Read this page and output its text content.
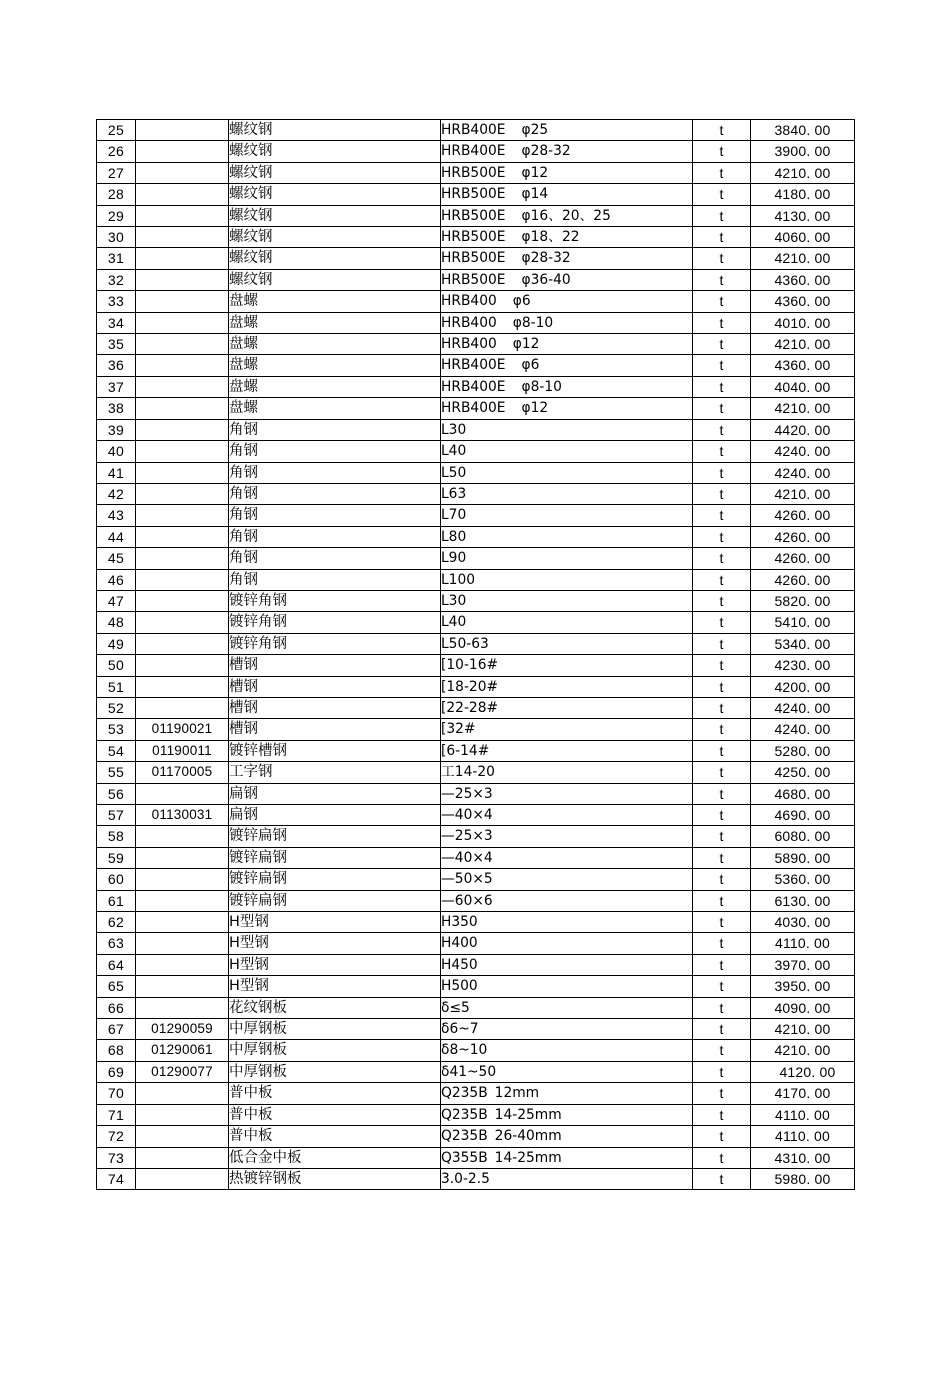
25		螺纹钢	HRB400E φ25	t	3840. 00
26		螺纹钢	HRB400E φ28-32	t	3900. 00
27		螺纹钢	HRB500E φ12	t	4210. 00
28		螺纹钢	HRB500E φ14	t	4180. 00
29		螺纹钢	HRB500E φ16、20、25	t	4130. 00
30		螺纹钢	HRB500E φ18、22	t	4060. 00
31		螺纹钢	HRB500E φ28-32	t	4210. 00
32		螺纹钢	HRB500E φ36-40	t	4360. 00
33		盘螺	HRB400 φ6	t	4360. 00
34		盘螺	HRB400 φ8-10	t	4010. 00
35		盘螺	HRB400 φ12	t	4210. 00
36		盘螺	HRB400E φ6	t	4360. 00
37		盘螺	HRB400E φ8-10	t	4040. 00
38		盘螺	HRB400E φ12	t	4210. 00
39		角钢	L30	t	4420. 00
40		角钢	L40	t	4240. 00
41		角钢	L50	t	4240. 00
42		角钢	L63	t	4210. 00
43		角钢	L70	t	4260. 00
44		角钢	L80	t	4260. 00
45		角钢	L90	t	4260. 00
46		角钢	L100	t	4260. 00
47		镀锌角钢	L30	t	5820. 00
48		镀锌角钢	L40	t	5410. 00
49		镀锌角钢	L50-63	t	5340. 00
50		槽钢	[10-16#	t	4230. 00
51		槽钢	[18-20#	t	4200. 00
52		槽钢	[22-28#	t	4240. 00
53	01190021	槽钢	[32#	t	4240. 00
54	01190011	镀锌槽钢	[6-14#	t	5280. 00
55	01170005	工字钢	工14-20	t	4250. 00
56		扁钢	—25×3	t	4680. 00
57	01130031	扁钢	—40×4	t	4690. 00
58		镀锌扁钢	—25×3	t	6080. 00
59		镀锌扁钢	—40×4	t	5890. 00
60		镀锌扁钢	—50×5	t	5360. 00
61		镀锌扁钢	—60×6	t	6130. 00
62		H型钢	H350	t	4030. 00
63		H型钢	H400	t	4110. 00
64		H型钢	H450	t	3970. 00
65		H型钢	H500	t	3950. 00
66		花纹钢板	δ≤5	t	4090. 00
67	01290059	中厚钢板	δ6~7	t	4210. 00
68	01290061	中厚钢板	δ8~10	t	4210. 00
69	01290077	中厚钢板	δ41~50	t	4120. 00
70		普中板	Q235B 12mm	t	4170. 00
71		普中板	Q235B 14-25mm	t	4110. 00
72		普中板	Q235B 26-40mm	t	4110. 00
73		低合金中板	Q355B 14-25mm	t	4310. 00
74		热镀锌钢板	3.0-2.5	t	5980. 00
